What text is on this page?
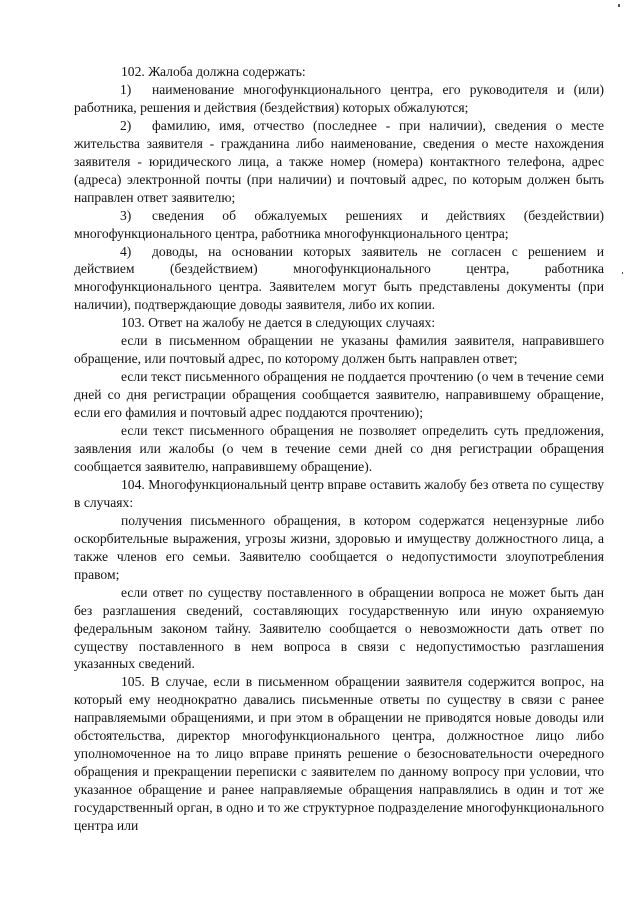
102. Жалоба должна содержать:

1) наименование многофункционального центра, его руководителя и (или) работника, решения и действия (бездействия) которых обжалуются;

2) фамилию, имя, отчество (последнее - при наличии), сведения о месте жительства заявителя - гражданина либо наименование, сведения о месте нахождения заявителя - юридического лица, а также номер (номера) контактного телефона, адрес (адреса) электронной почты (при наличии) и почтовый адрес, по которым должен быть направлен ответ заявителю;

3) сведения об обжалуемых решениях и действиях (бездействии) многофункционального центра, работника многофункционального центра;

4) доводы, на основании которых заявитель не согласен с решением и действием (бездействием) многофункционального центра, работника многофункционального центра. Заявителем могут быть представлены документы (при наличии), подтверждающие доводы заявителя, либо их копии.

103. Ответ на жалобу не дается в следующих случаях:

если в письменном обращении не указаны фамилия заявителя, направившего обращение, или почтовый адрес, по которому должен быть направлен ответ;

если текст письменного обращения не поддается прочтению (о чем в течение семи дней со дня регистрации обращения сообщается заявителю, направившему обращение, если его фамилия и почтовый адрес поддаются прочтению);

если текст письменного обращения не позволяет определить суть предложения, заявления или жалобы (о чем в течение семи дней со дня регистрации обращения сообщается заявителю, направившему обращение).

104. Многофункциональный центр вправе оставить жалобу без ответа по существу в случаях:

получения письменного обращения, в котором содержатся нецензурные либо оскорбительные выражения, угрозы жизни, здоровью и имуществу должностного лица, а также членов его семьи. Заявителю сообщается о недопустимости злоупотребления правом;

если ответ по существу поставленного в обращении вопроса не может быть дан без разглашения сведений, составляющих государственную или иную охраняемую федеральным законом тайну. Заявителю сообщается о невозможности дать ответ по существу поставленного в нем вопроса в связи с недопустимостью разглашения указанных сведений.

105. В случае, если в письменном обращении заявителя содержится вопрос, на который ему неоднократно давались письменные ответы по существу в связи с ранее направляемыми обращениями, и при этом в обращении не приводятся новые доводы или обстоятельства, директор многофункционального центра, должностное лицо либо уполномоченное на то лицо вправе принять решение о безосновательности очередного обращения и прекращении переписки с заявителем по данному вопросу при условии, что указанное обращение и ранее направляемые обращения направлялись в один и тот же государственный орган, в одно и то же структурное подразделение многофункционального центра или
